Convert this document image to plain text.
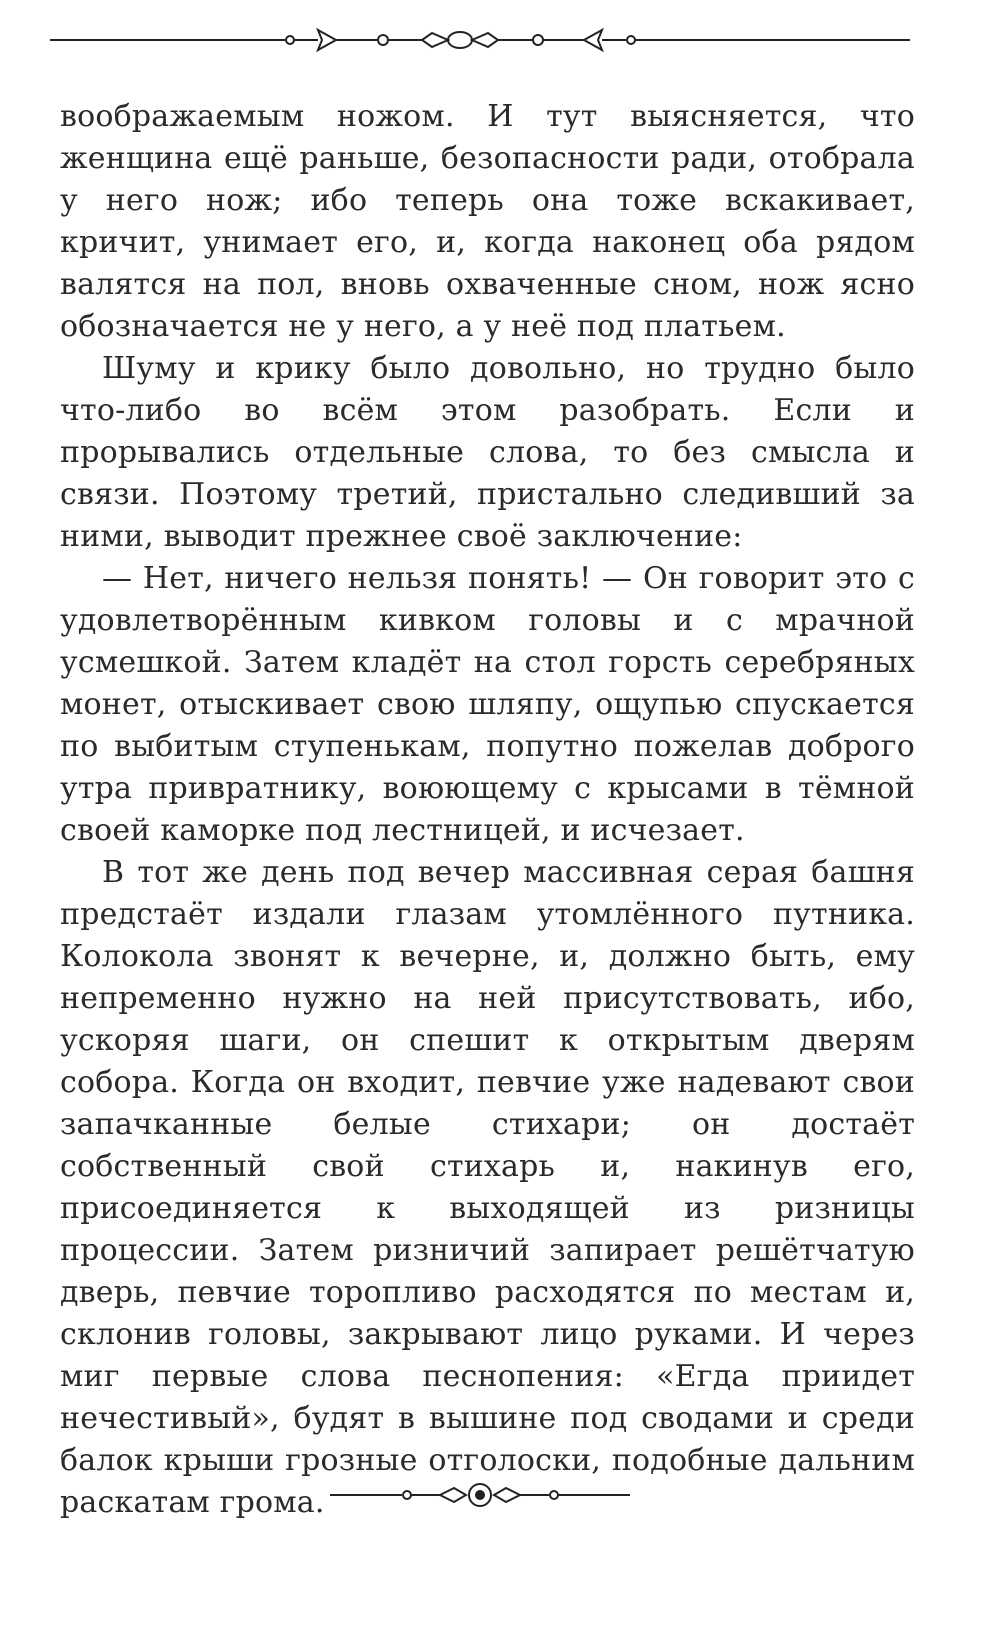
воображаемым ножом. И тут выясняется, что женщина ещё раньше, безопасности ради, отобрала у него нож; ибо теперь она тоже вскакивает, кричит, унимает его, и, когда наконец оба рядом валятся на пол, вновь охваченные сном, нож ясно обозначается не у него, а у неё под платьем.

Шуму и крику было довольно, но трудно было что-либо во всём этом разобрать. Если и прорывались отдельные слова, то без смысла и связи. Поэтому третий, пристально следивший за ними, выводит прежнее своё заключение:

— Нет, ничего нельзя понять! — Он говорит это с удовлетворённым кивком головы и с мрачной усмешкой. Затем кладёт на стол горсть серебряных монет, отыскивает свою шляпу, ощупью спускается по выбитым ступенькам, попутно пожелав доброго утра привратнику, воюющему с крысами в тёмной своей каморке под лестницей, и исчезает.

В тот же день под вечер массивная серая башня предстаёт издали глазам утомлённого путника. Колокола звонят к вечерне, и, должно быть, ему непременно нужно на ней присутствовать, ибо, ускоряя шаги, он спешит к открытым дверям собора. Когда он входит, певчие уже надевают свои запачканные белые стихари; он достаёт собственный свой стихарь и, накинув его, присоединяется к выходящей из ризницы процессии. Затем ризничий запирает решётчатую дверь, певчие торопливо расходятся по местам и, склонив головы, закрывают лицо руками. И через миг первые слова песнопения: «Егда приидет нечестивый», будят в вышине под сводами и среди балок крыши грозные отголоски, подобные дальним раскатам грома.
